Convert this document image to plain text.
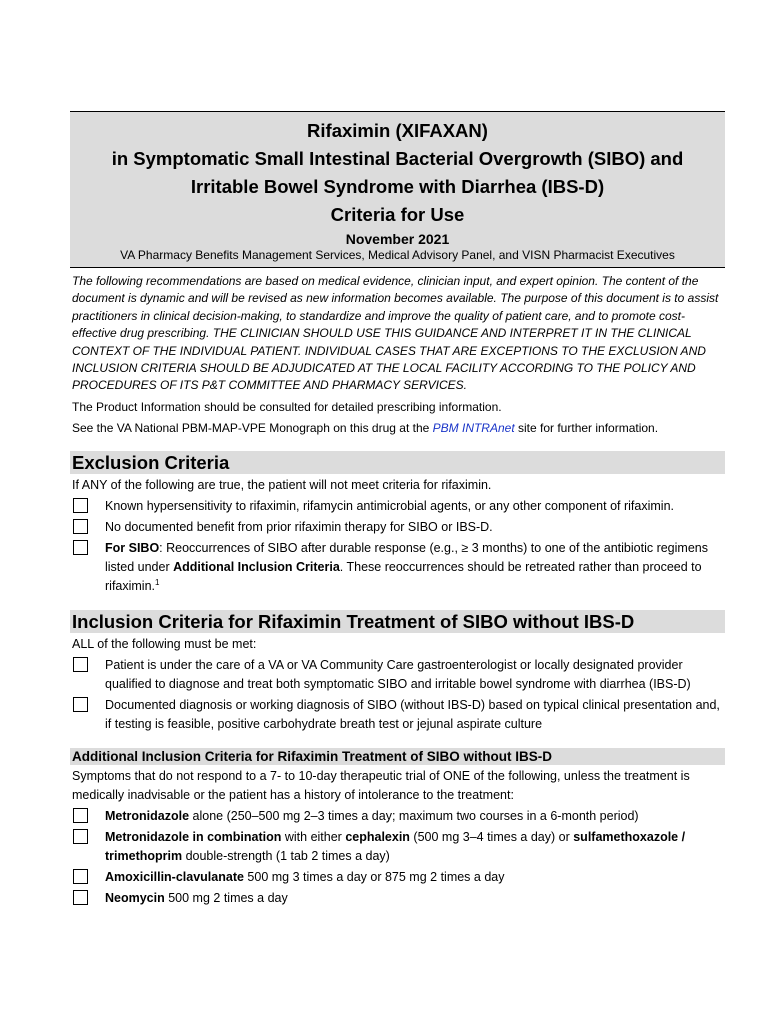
Rifaximin (XIFAXAN)
in Symptomatic Small Intestinal Bacterial Overgrowth (SIBO) and
Irritable Bowel Syndrome with Diarrhea (IBS-D)
Criteria for Use
November 2021
VA Pharmacy Benefits Management Services, Medical Advisory Panel, and VISN Pharmacist Executives
The following recommendations are based on medical evidence, clinician input, and expert opinion. The content of the document is dynamic and will be revised as new information becomes available. The purpose of this document is to assist practitioners in clinical decision-making, to standardize and improve the quality of patient care, and to promote cost-effective drug prescribing. THE CLINICIAN SHOULD USE THIS GUIDANCE AND INTERPRET IT IN THE CLINICAL CONTEXT OF THE INDIVIDUAL PATIENT. INDIVIDUAL CASES THAT ARE EXCEPTIONS TO THE EXCLUSION AND INCLUSION CRITERIA SHOULD BE ADJUDICATED AT THE LOCAL FACILITY ACCORDING TO THE POLICY AND PROCEDURES OF ITS P&T COMMITTEE AND PHARMACY SERVICES.
The Product Information should be consulted for detailed prescribing information.
See the VA National PBM-MAP-VPE Monograph on this drug at the PBM INTRAnet site for further information.
Exclusion Criteria
If ANY of the following are true, the patient will not meet criteria for rifaximin.
Known hypersensitivity to rifaximin, rifamycin antimicrobial agents, or any other component of rifaximin.
No documented benefit from prior rifaximin therapy for SIBO or IBS-D.
For SIBO: Reoccurrences of SIBO after durable response (e.g., ≥ 3 months) to one of the antibiotic regimens listed under Additional Inclusion Criteria. These reoccurrences should be retreated rather than proceed to rifaximin.$^1$
Inclusion Criteria for Rifaximin Treatment of SIBO without IBS-D
ALL of the following must be met:
Patient is under the care of a VA or VA Community Care gastroenterologist or locally designated provider qualified to diagnose and treat both symptomatic SIBO and irritable bowel syndrome with diarrhea (IBS-D)
Documented diagnosis or working diagnosis of SIBO (without IBS-D) based on typical clinical presentation and, if testing is feasible, positive carbohydrate breath test or jejunal aspirate culture
Additional Inclusion Criteria for Rifaximin Treatment of SIBO without IBS-D
Symptoms that do not respond to a 7- to 10-day therapeutic trial of ONE of the following, unless the treatment is medically inadvisable or the patient has a history of intolerance to the treatment:
Metronidazole alone (250–500 mg 2–3 times a day; maximum two courses in a 6-month period)
Metronidazole in combination with either cephalexin (500 mg 3–4 times a day) or sulfamethoxazole / trimethoprim double-strength (1 tab 2 times a day)
Amoxicillin-clavulanate 500 mg 3 times a day or 875 mg 2 times a day
Neomycin 500 mg 2 times a day
